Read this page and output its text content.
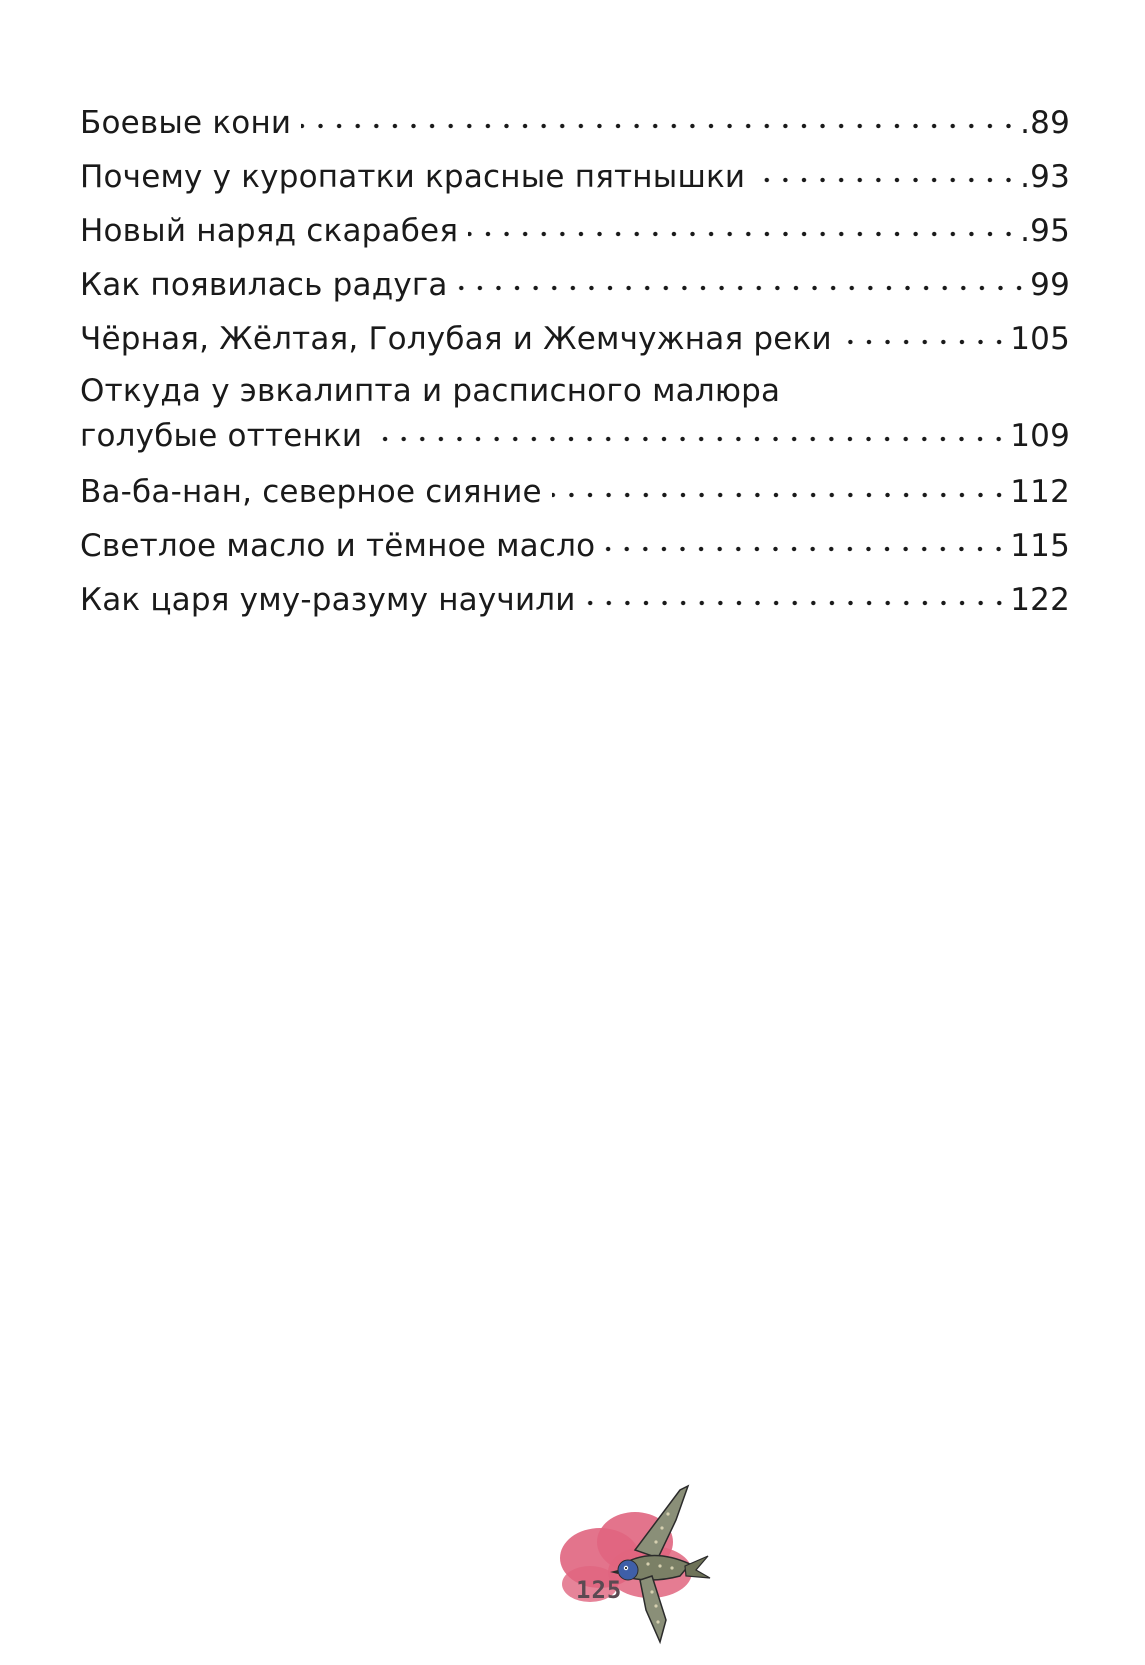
Боевые кони	.89
Почему у куропатки красные пятнышки	.93
Новый наряд скарабея	.95
Как появилась радуга	99
Чёрная, Жёлтая, Голубая и Жемчужная реки	105
Откуда у эвкалипта и расписного малюра
голубые оттенки	109
Ва-ба-нан, северное сияние	112
Светлое масло и тёмное масло	115
Как царя уму-разуму научили	122
125
